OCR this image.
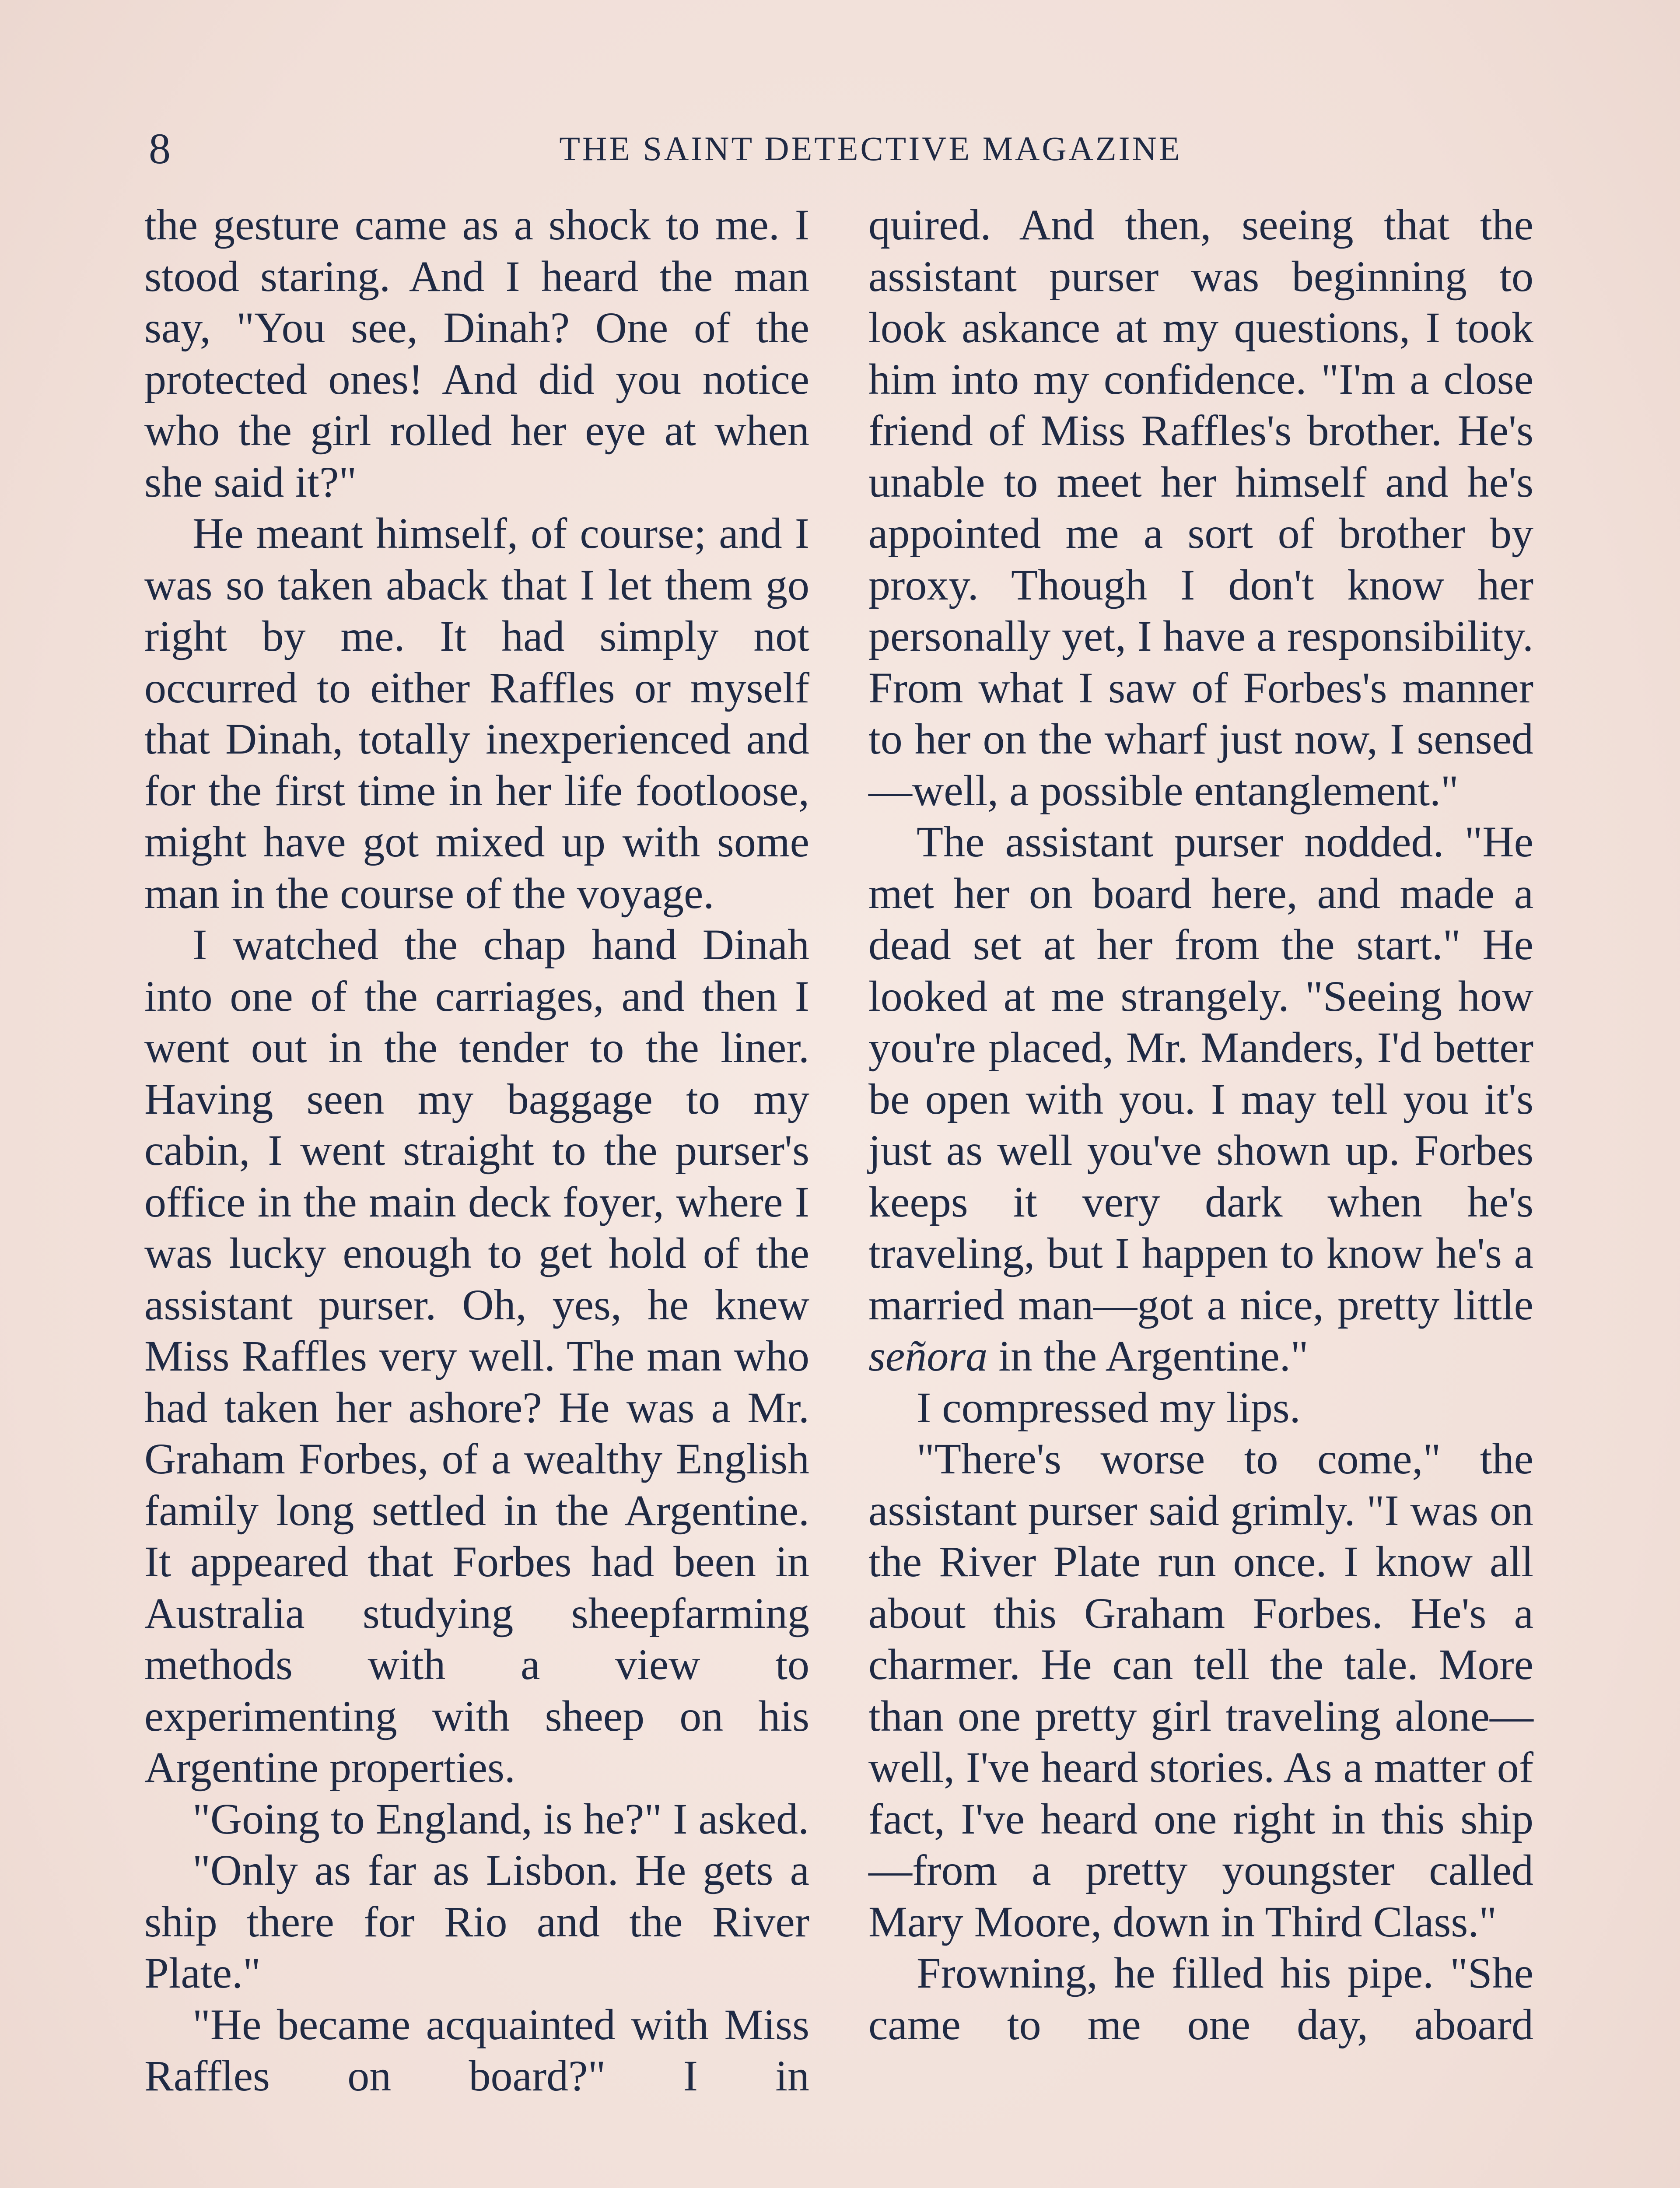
8	THE SAINT DETECTIVE MAGAZINE

the gesture came as a shock to me. I stood staring. And I heard the man say, "You see, Dinah? One of the protected ones! And did you notice who the girl rolled her eye at when she said it?"

He meant himself, of course; and I was so taken aback that I let them go right by me. It had simply not occurred to either Raffles or myself that Dinah, totally inexperienced and for the first time in her life footloose, might have got mixed up with some man in the course of the voyage.

I watched the chap hand Dinah into one of the carriages, and then I went out in the tender to the liner. Having seen my baggage to my cabin, I went straight to the purser's office in the main deck foyer, where I was lucky enough to get hold of the assistant purser. Oh, yes, he knew Miss Raffles very well. The man who had taken her ashore? He was a Mr. Graham Forbes, of a wealthy English family long settled in the Argentine. It appeared that Forbes had been in Australia studying sheepfarming methods with a view to experimenting with sheep on his Argentine properties.

"Going to England, is he?" I asked.

"Only as far as Lisbon. He gets a ship there for Rio and the River Plate."

"He became acquainted with Miss Raffles on board?" I in

quired. And then, seeing that the assistant purser was beginning to look askance at my questions, I took him into my confidence. "I'm a close friend of Miss Raffles's brother. He's unable to meet her himself and he's appointed me a sort of brother by proxy. Though I don't know her personally yet, I have a responsibility. From what I saw of Forbes's manner to her on the wharf just now, I sensed—well, a possible entanglement."

The assistant purser nodded. "He met her on board here, and made a dead set at her from the start." He looked at me strangely. "Seeing how you're placed, Mr. Manders, I'd better be open with you. I may tell you it's just as well you've shown up. Forbes keeps it very dark when he's traveling, but I happen to know he's a married man—got a nice, pretty little señora in the Argentine."

I compressed my lips.

"There's worse to come," the assistant purser said grimly. "I was on the River Plate run once. I know all about this Graham Forbes. He's a charmer. He can tell the tale. More than one pretty girl traveling alone—well, I've heard stories. As a matter of fact, I've heard one right in this ship—from a pretty youngster called Mary Moore, down in Third Class."

Frowning, he filled his pipe. "She came to me one day, aboard
